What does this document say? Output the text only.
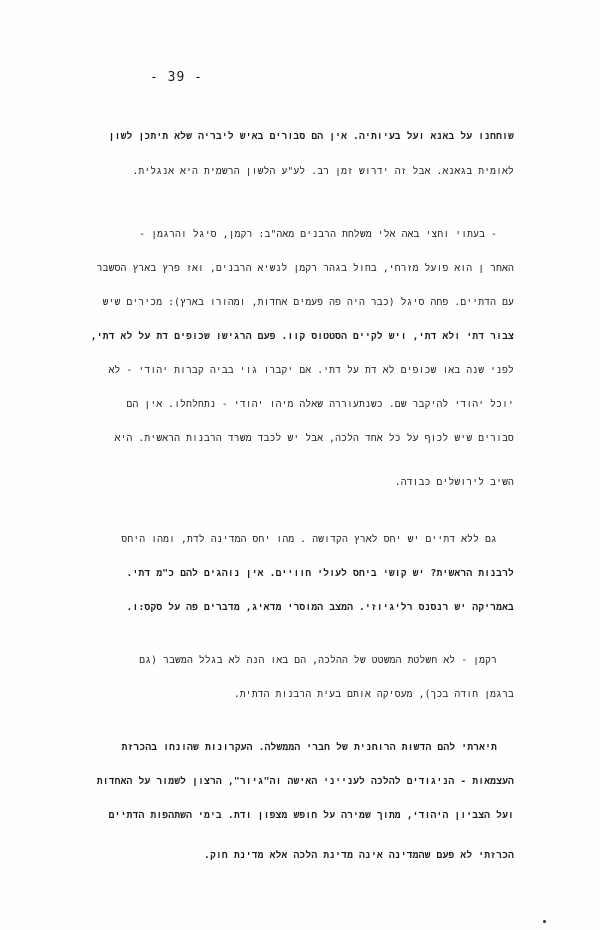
- 39 -
שוחחנו על באנא ועל בעיותיה. אין הם סבורים באיש ליבריה שלא תיתכן לשון
לאומית בגאנא. אבל זה ידרוש זמן רב. לע"ע הלשון הרשמית היא אנגלית.
- בעתוי וחצי באה אלי משלחת הרבנים מאה"ב: רקמן, סיגל והרגמן -
האחר ן הוא פועל מזרחי, בחול בגהר רקמן לנשיא הרבנים, ואז פרץ בארץ הסשבר
עם הדתיים. פחה סיגל (כבר היה פה פעמים אחדות, ומהורו בארץ): מכירים שיש
צבור דתי ולא דתי, ויש לקיים הסטטוס קוו. פעם הרגישו שכופים דת על לא דתי,
לפני שנה באו שכופים לא דת על דתי. אם יקברו גוי בביה קברות יהודי - לא
יוכל יהודי להיקבר שם. כשנתעוררה שאלה מיהו יהודי - נתחלחלו. אין הם
סבורים שיש לכוף על כל אחד הלכה, אבל יש לכבד משרד הרבנות הראשית. היא
השיב לירושלים כבודה.
גם ללא דתיים יש יחס לארץ הקדושה . מהו יחס המדינה לדת, ומהו היחס
לרבנות הראשית? יש קושי ביחס לעולי חוויים. אין נוהגים להם כ"מ דתי.
באמריקה יש רנסנס רליגיוזי. המצב המוסרי מדאיג, מדברים פה על סקס:ו.
רקמן - לא חשלטת המשטט של ההלכה, הם באו הנה לא בגלל המשבר (גם
ברגמן חודה בכך), מעסיקה אותם בעית הרבנות הדתית.
תיארתי להם הדשות הרוחנית של חברי הממשלה. העקרונות שהונחו בהכרזת
העצמאות - הניגודים להלכה לענייני האישה וה"גיור", הרצון לשמור על האחדות
ועל הצביון היהודי, מתוך שמירה על חופש מצפון ודת. בימי השתהפות הדתיים
הכרזתי לא פעם שהמדינה אינה מדינת הלכה אלא מדינת חוק.
